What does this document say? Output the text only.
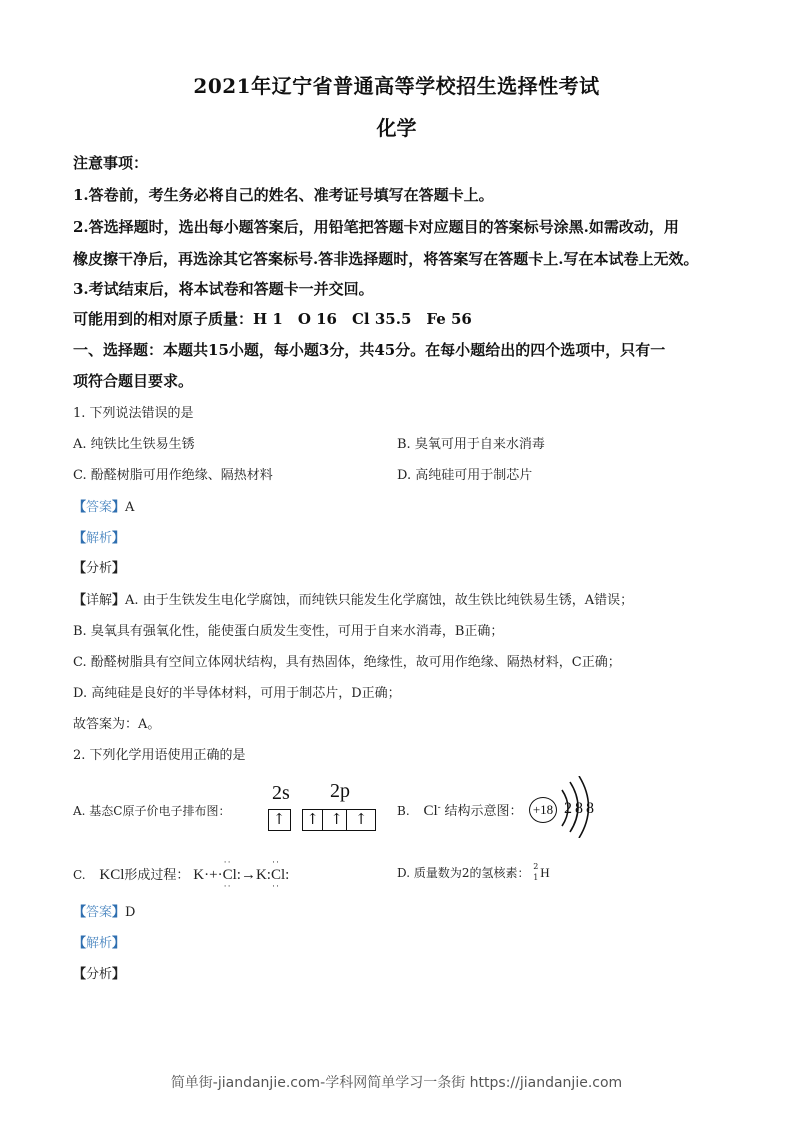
2021年辽宁省普通高等学校招生选择性考试
化学
注意事项：
1.答卷前，考生务必将自己的姓名、准考证号填写在答题卡上。
2.答选择题时，选出每小题答案后，用铅笔把答题卡对应题目的答案标号涂黑.如需改动，用
橡皮擦干净后，再选涂其它答案标号.答非选择题时，将答案写在答题卡上.写在本试卷上无效。
3.考试结束后，将本试卷和答题卡一并交回。
可能用到的相对原子质量：H 1　O 16　Cl 35.5　Fe 56
一、选择题：本题共15小题，每小题3分，共45分。在每小题给出的四个选项中，只有一
项符合题目要求。
1. 下列说法错误的是
A. 纯铁比生铁易生锈	B. 臭氧可用于自来水消毒
C. 酚醛树脂可用作绝缘、隔热材料	D. 高纯硅可用于制芯片
【答案】A
【解析】
【分析】
【详解】A. 由于生铁发生电化学腐蚀，而纯铁只能发生化学腐蚀，故生铁比纯铁易生锈，A错误；
B. 臭氧具有强氧化性，能使蛋白质发生变性，可用于自来水消毒，B正确；
C. 酚醛树脂具有空间立体网状结构，具有热固体，绝缘性，故可用作绝缘、隔热材料，C正确；
D. 高纯硅是良好的半导体材料，可用于制芯片，D正确；
故答案为：A。
2. 下列化学用语使用正确的是
A. 基态C原子价电子排布图：
2s 2p
↑ ↑ ↑ ↑	B. Cl- 结构示意图： +18 2 8 8
C. KCl形成过程： K·+·
··
Cl
··
:→K:
··
Cl
··
:	D. 质量数为2的氢核素： 2
1 H
【答案】D
【解析】
【分析】
简单街-jiandanjie.com-学科网简单学习一条街 https://jiandanjie.com
